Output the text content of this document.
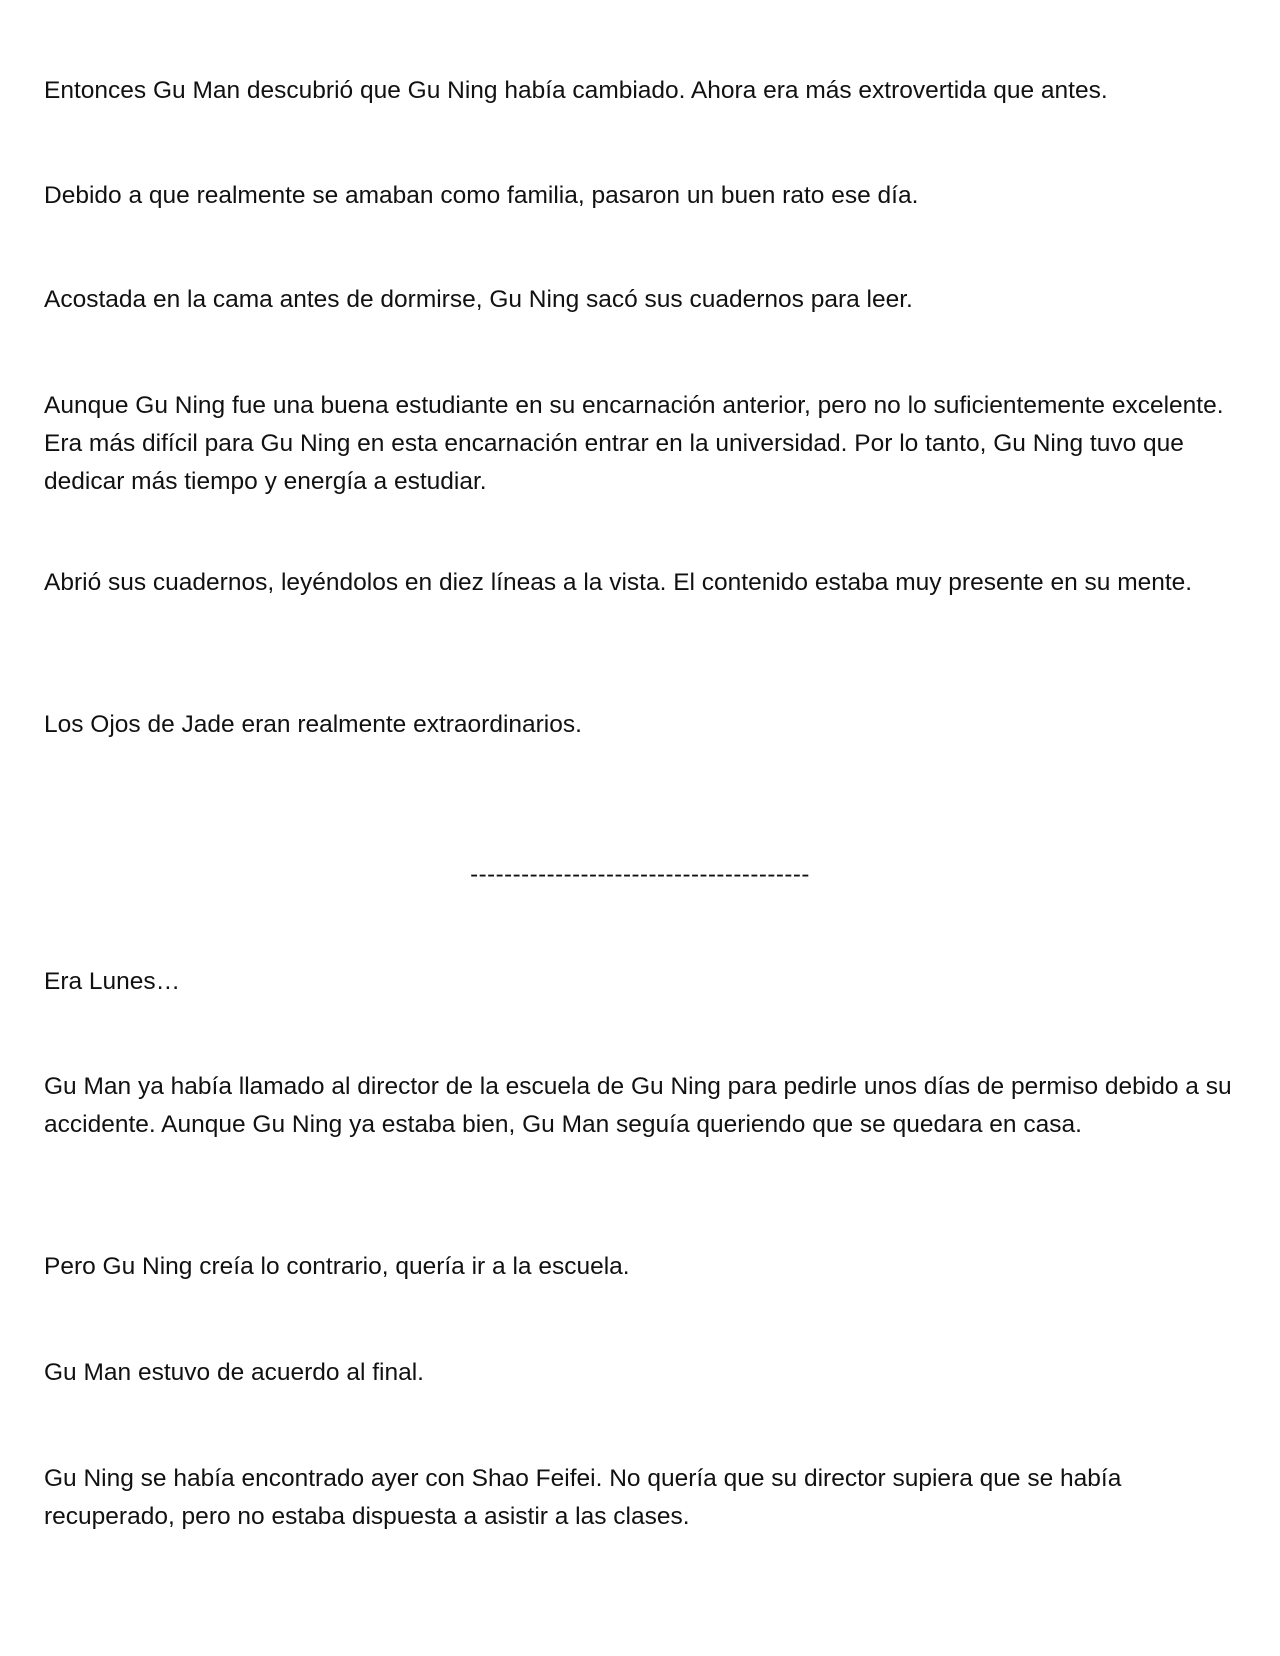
Entonces Gu Man descubrió que Gu Ning había cambiado. Ahora era más extrovertida que antes.

Debido a que realmente se amaban como familia, pasaron un buen rato ese día.

Acostada en la cama antes de dormirse, Gu Ning sacó sus cuadernos para leer.

Aunque Gu Ning fue una buena estudiante en su encarnación anterior, pero no lo suficientemente excelente. Era más difícil para Gu Ning en esta encarnación entrar en la universidad. Por lo tanto, Gu Ning tuvo que dedicar más tiempo y energía a estudiar.

Abrió sus cuadernos, leyéndolos en diez líneas a la vista. El contenido estaba muy presente en su mente.

Los Ojos de Jade eran realmente extraordinarios.

----------------------------------------

Era Lunes…

Gu Man ya había llamado al director de la escuela de Gu Ning para pedirle unos días de permiso debido a su accidente. Aunque Gu Ning ya estaba bien, Gu Man seguía queriendo que se quedara en casa.

Pero Gu Ning creía lo contrario, quería ir a la escuela.

Gu Man estuvo de acuerdo al final.

Gu Ning se había encontrado ayer con Shao Feifei. No quería que su director supiera que se había recuperado, pero no estaba dispuesta a asistir a las clases.
